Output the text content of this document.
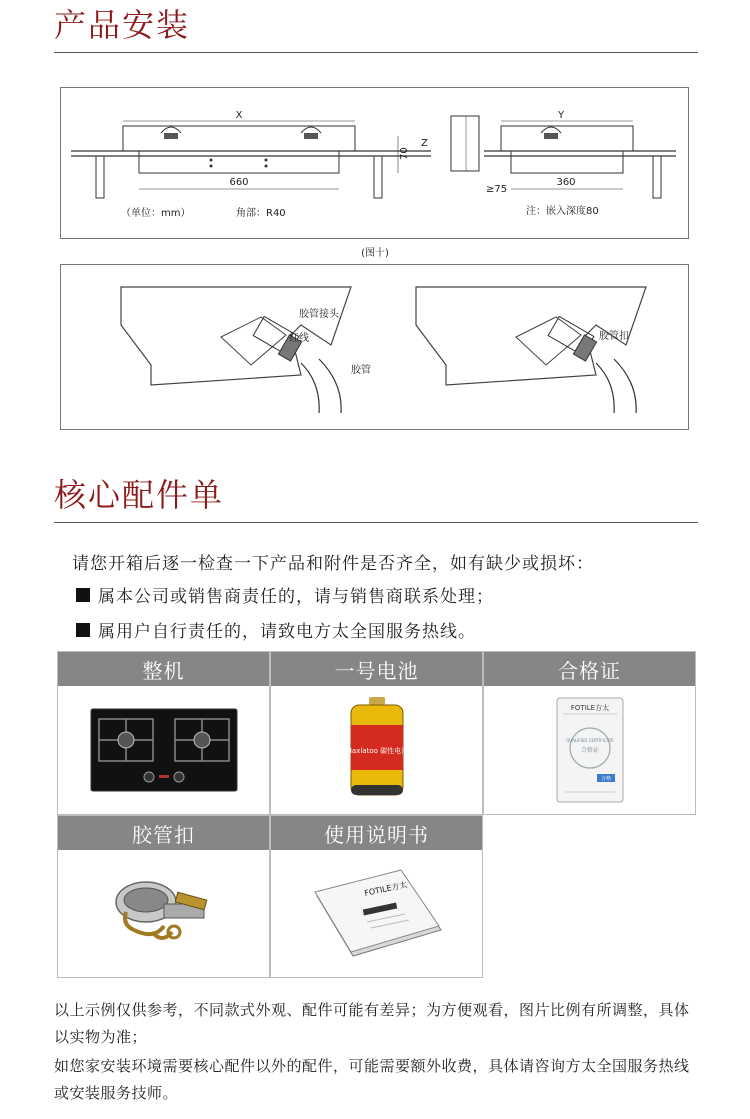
产品安装
X
660
70
Z
（单位：mm）	角部：R40
Y
360
≥75
注：嵌入深度80
(图十)
胶管接头
红线
胶管
胶管扣
核心配件单
请您开箱后逐一检查一下产品和附件是否齐全，如有缺少或损坏：
属本公司或销售商责任的，请与销售商联系处理；
属用户自行责任的，请致电方太全国服务热线。
整机	一号电池
Maxlatoo 碳性电池
合格证
FOTILE方太
QUALIFIED CERTIFICATE
合格证
合格
胶管扣	使用说明书
FOTILE方太
以上示例仅供参考，不同款式外观、配件可能有差异；为方便观看，图片比例有所调整，具体以实物为准；
如您家安装环境需要核心配件以外的配件，可能需要额外收费，具体请咨询方太全国服务热线或安装服务技师。
